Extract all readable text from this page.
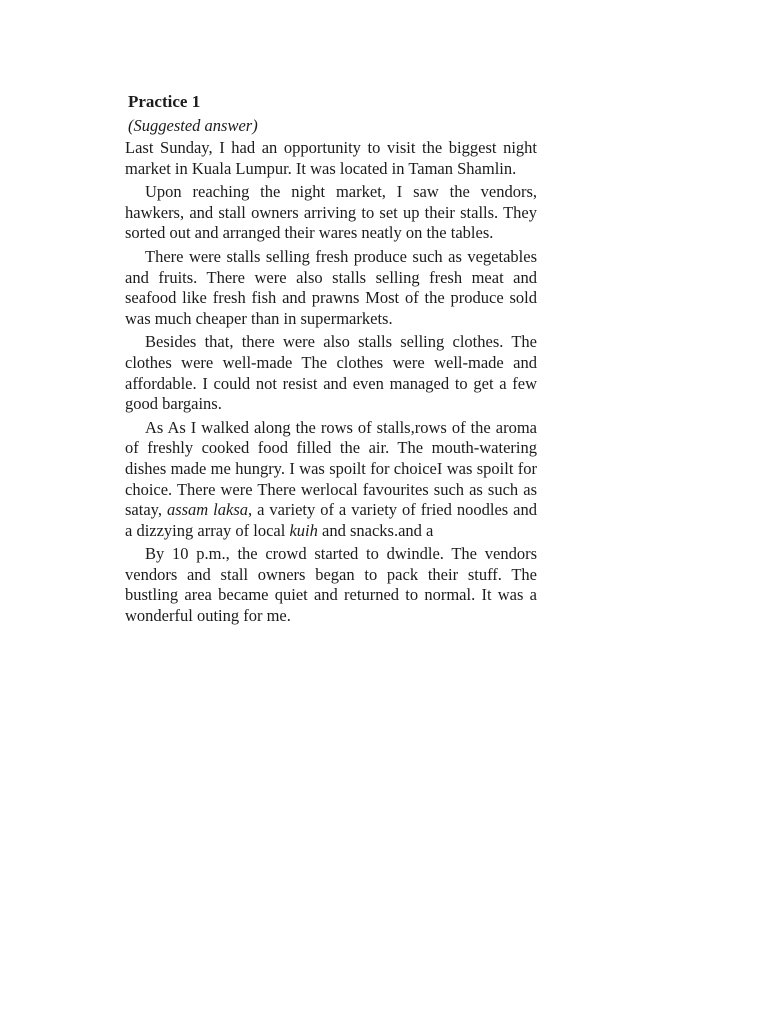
Practice 1
(Suggested answer)

Last Sunday, I had an opportunity to visit the biggest night market in Kuala Lumpur. It was located in Taman Shamlin.

Upon reaching the night market, I saw the vendors, hawkers, and stall owners arriving to set up their stalls. They sorted out and arranged their wares neatly on the tables.

There were stalls selling fresh produce such as vegetables and fruits. There were also stalls selling fresh meat and seafood like fresh fish and prawns Most of the produce sold was much cheaper than in supermarkets.

Besides that, there were also stalls selling clothes. The clothes were well-made The clothes were well-made and affordable. I could not resist and even managed to get a few good bargains.

As As I walked along the rows of stalls,rows of the aroma of freshly cooked food filled the air. The mouth-watering dishes made me hungry. I was spoilt for choiceI was spoilt for choice. There were There werlocal favourites such as such as satay, assam laksa, a variety of a variety of fried noodles and a dizzying array of local kuih and snacks.and a

By 10 p.m., the crowd started to dwindle. The vendors vendors and stall owners began to pack their stuff. The bustling area became quiet and returned to normal. It was a wonderful outing for me.
